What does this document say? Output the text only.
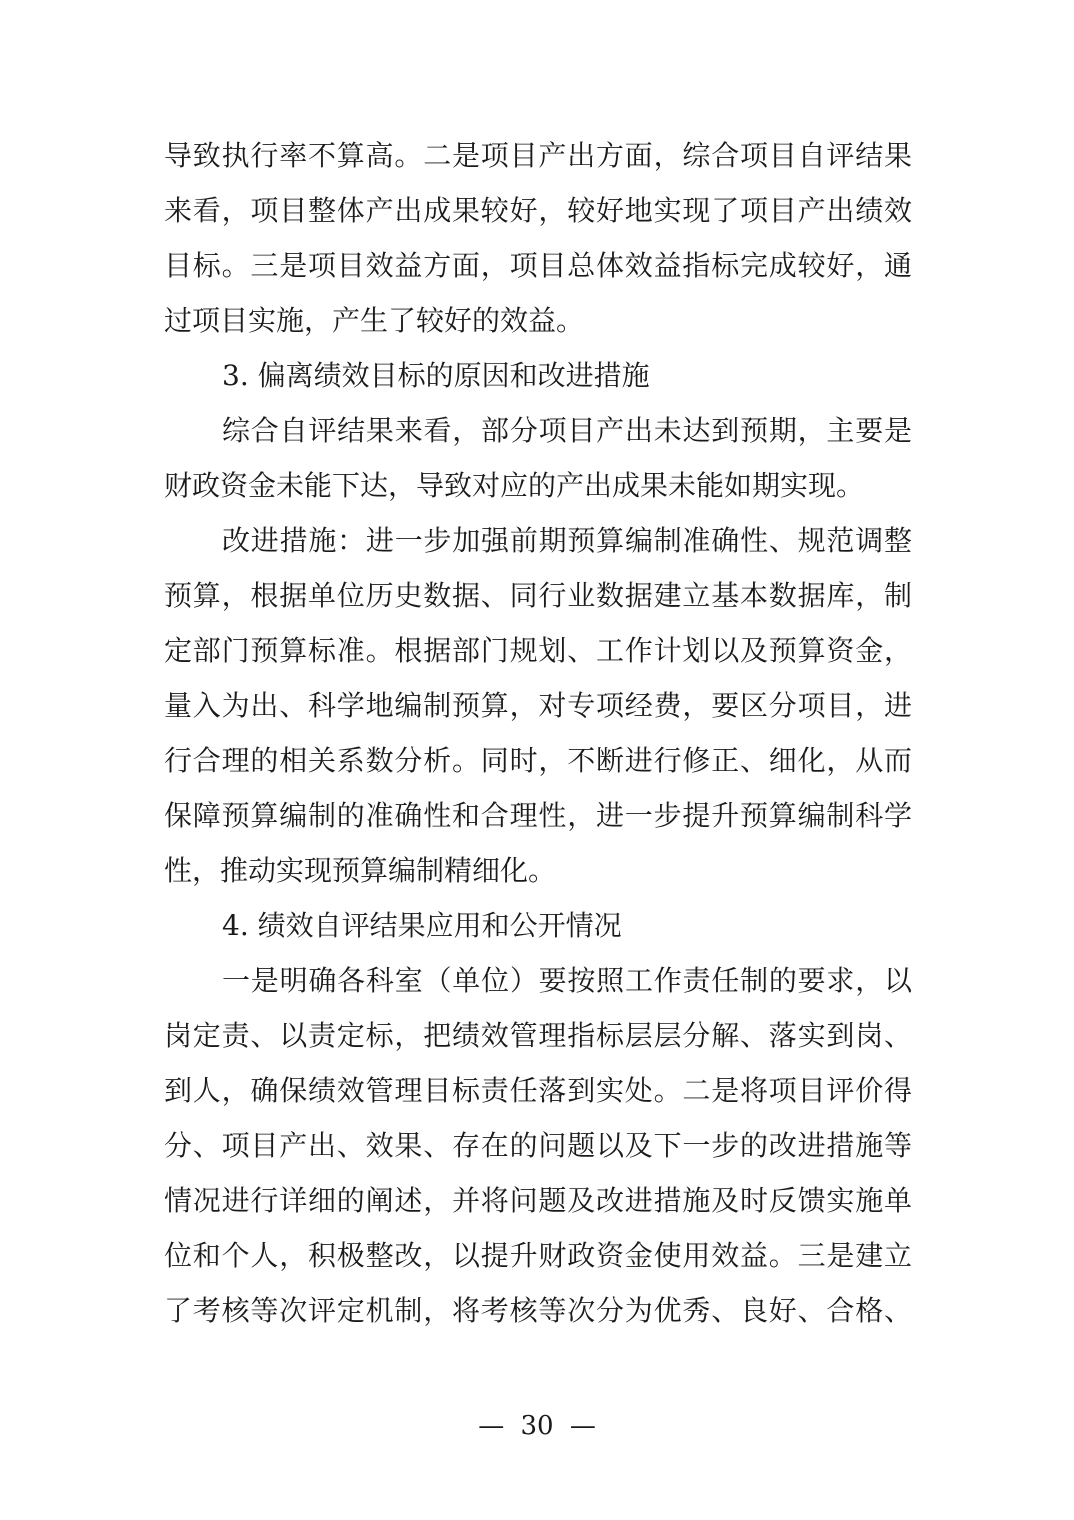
导致执行率不算高。二是项目产出方面，综合项目自评结果
来看，项目整体产出成果较好，较好地实现了项目产出绩效
目标。三是项目效益方面，项目总体效益指标完成较好，通
过项目实施，产生了较好的效益。
3. 偏离绩效目标的原因和改进措施
综合自评结果来看，部分项目产出未达到预期，主要是
财政资金未能下达，导致对应的产出成果未能如期实现。
改进措施：进一步加强前期预算编制准确性、规范调整
预算，根据单位历史数据、同行业数据建立基本数据库，制
定部门预算标准。根据部门规划、工作计划以及预算资金，
量入为出、科学地编制预算，对专项经费，要区分项目，进
行合理的相关系数分析。同时，不断进行修正、细化，从而
保障预算编制的准确性和合理性，进一步提升预算编制科学
性，推动实现预算编制精细化。
4. 绩效自评结果应用和公开情况
一是明确各科室（单位）要按照工作责任制的要求，以
岗定责、以责定标，把绩效管理指标层层分解、落实到岗、
到人，确保绩效管理目标责任落到实处。二是将项目评价得
分、项目产出、效果、存在的问题以及下一步的改进措施等
情况进行详细的阐述，并将问题及改进措施及时反馈实施单
位和个人，积极整改，以提升财政资金使用效益。三是建立
了考核等次评定机制，将考核等次分为优秀、良好、合格、
— 30 —
